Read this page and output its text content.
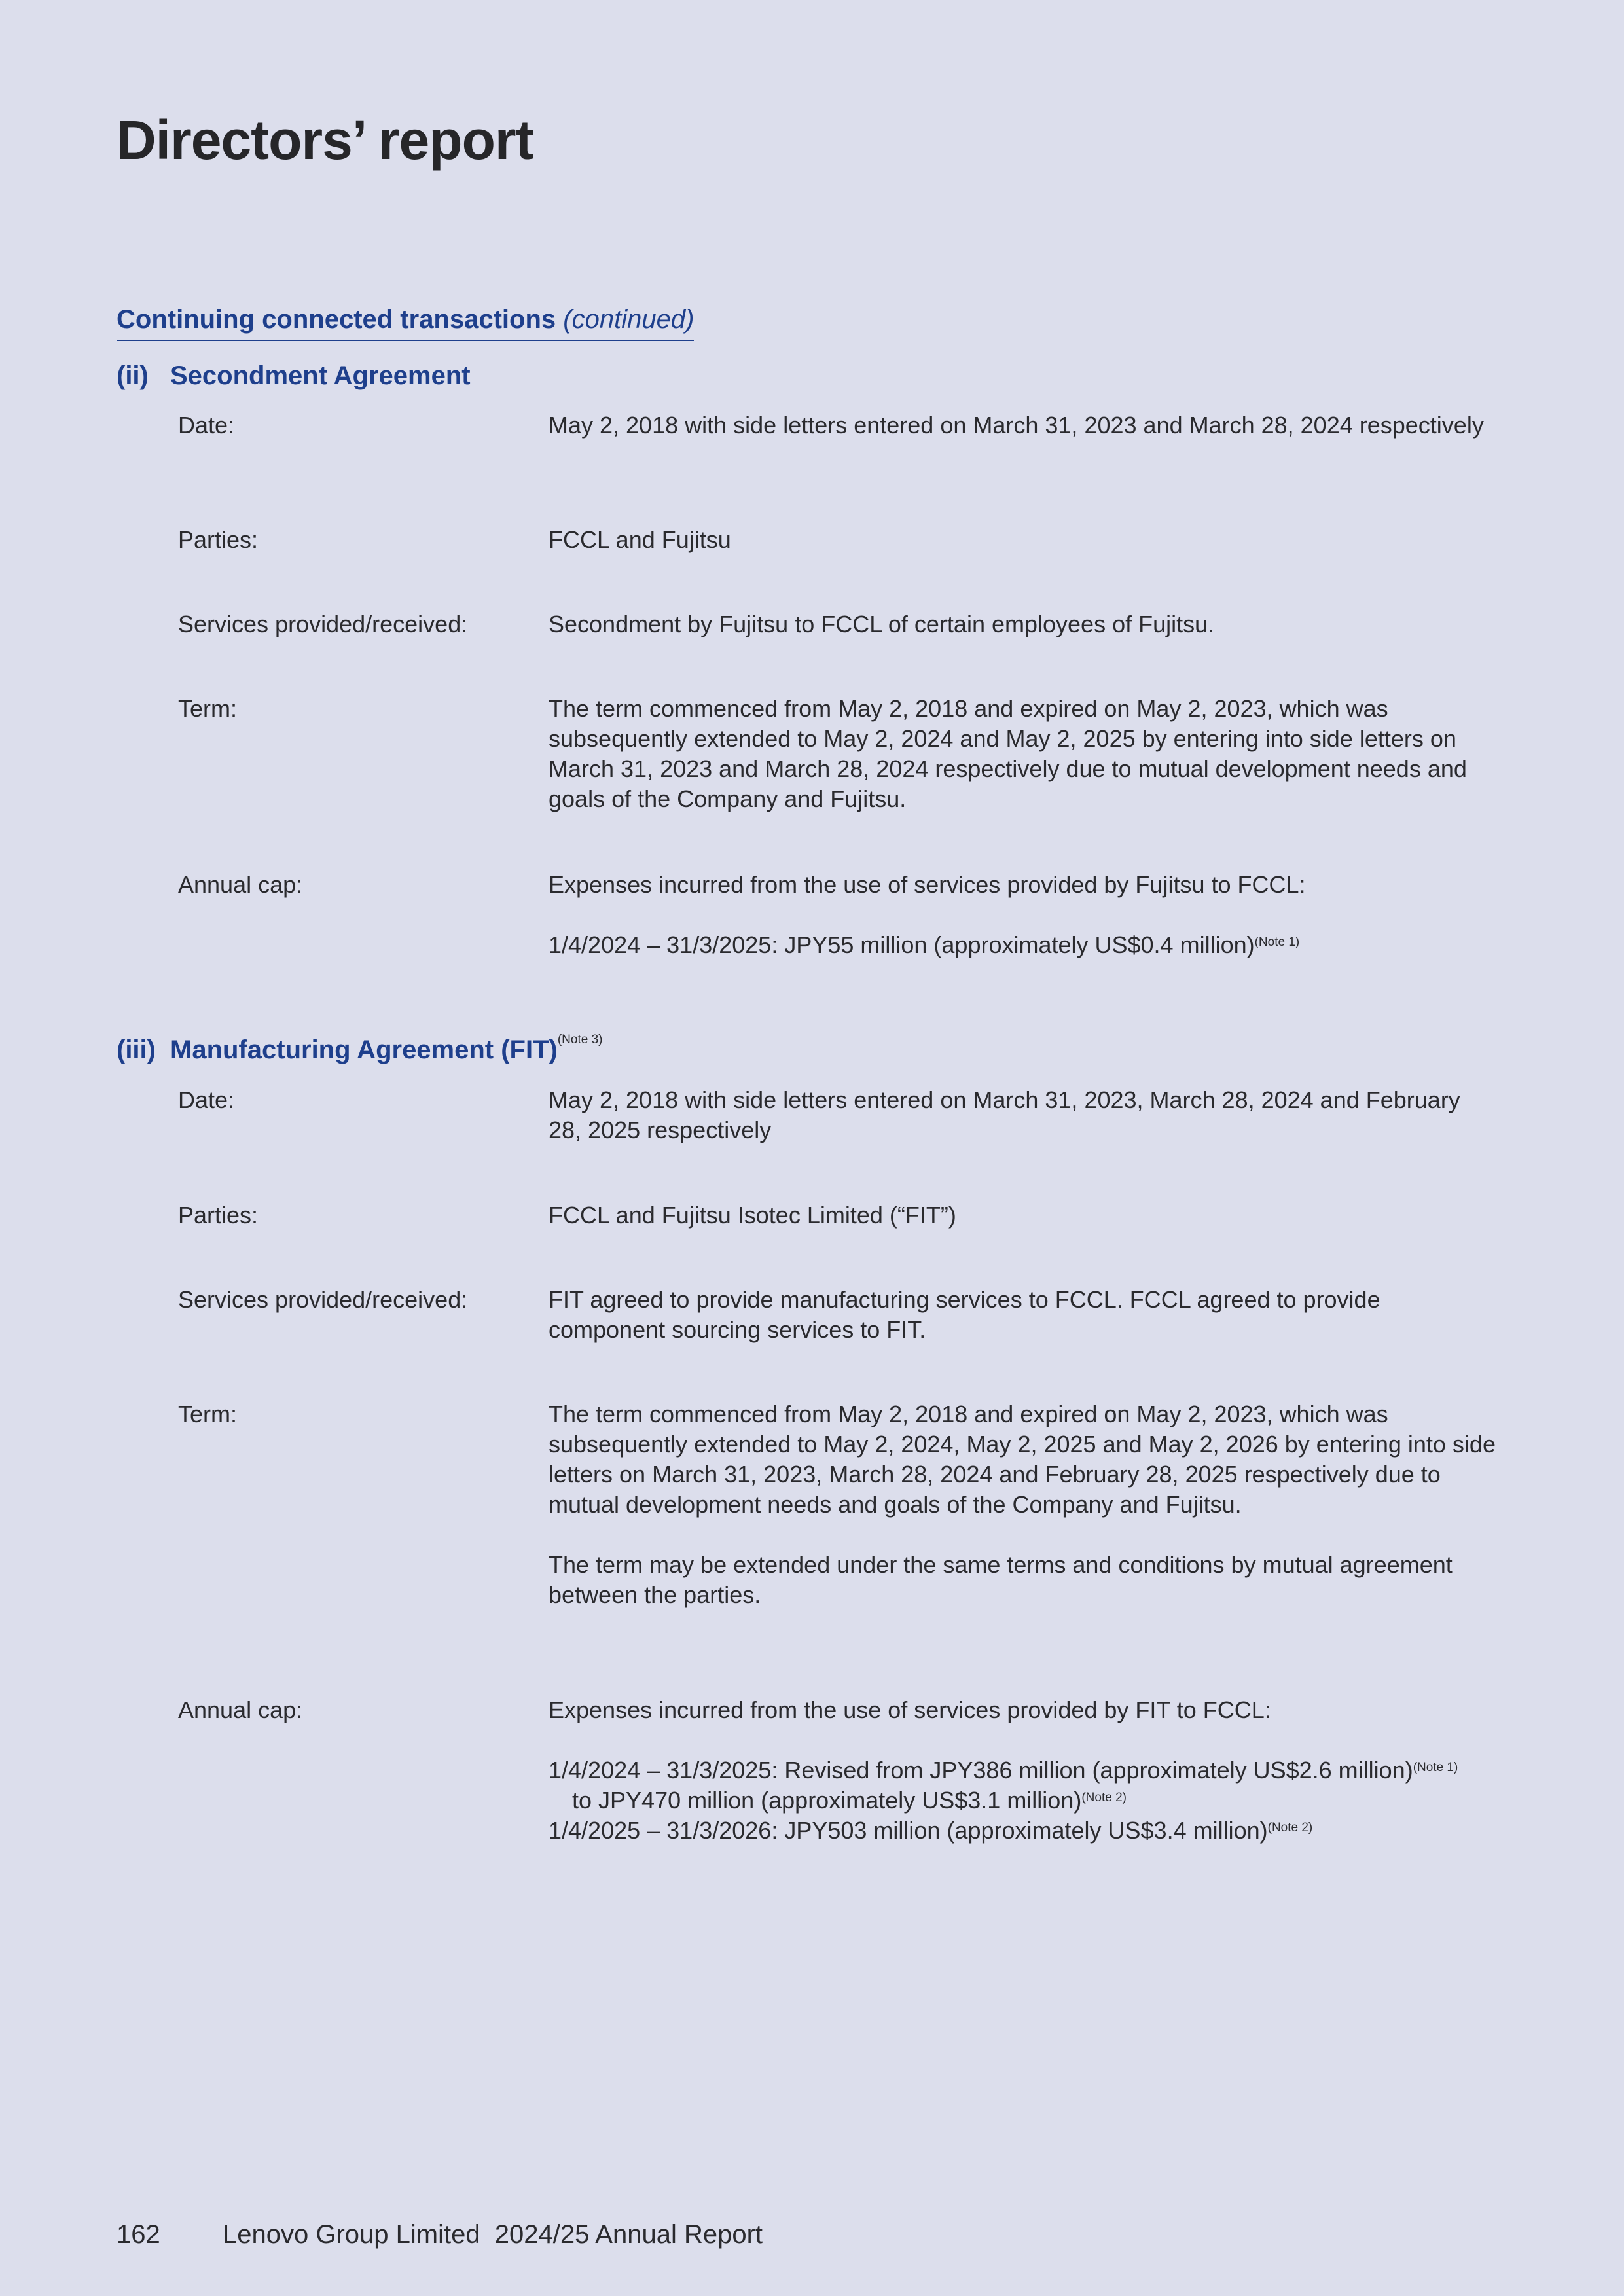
Directors’ report
Continuing connected transactions (continued)
(ii) Secondment Agreement
Date:	May 2, 2018 with side letters entered on March 31, 2023 and March 28, 2024 respectively
Parties:	FCCL and Fujitsu
Services provided/received:	Secondment by Fujitsu to FCCL of certain employees of Fujitsu.
Term:	The term commenced from May 2, 2018 and expired on May 2, 2023, which was subsequently extended to May 2, 2024 and May 2, 2025 by entering into side letters on March 31, 2023 and March 28, 2024 respectively due to mutual development needs and goals of the Company and Fujitsu.
Annual cap:	Expenses incurred from the use of services provided by Fujitsu to FCCL:

1/4/2024 – 31/3/2025: JPY55 million (approximately US$0.4 million)$^{(Note 1)}$

(iii) Manufacturing Agreement (FIT)$^{(Note 3)}$
Date:	May 2, 2018 with side letters entered on March 31, 2023, March 28, 2024 and February 28, 2025 respectively
Parties:	FCCL and Fujitsu Isotec Limited (“FIT”)
Services provided/received:	FIT agreed to provide manufacturing services to FCCL. FCCL agreed to provide component sourcing services to FIT.
Term:	The term commenced from May 2, 2018 and expired on May 2, 2023, which was subsequently extended to May 2, 2024, May 2, 2025 and May 2, 2026 by entering into side letters on March 31, 2023, March 28, 2024 and February 28, 2025 respectively due to mutual development needs and goals of the Company and Fujitsu.

The term may be extended under the same terms and conditions by mutual agreement between the parties.

Annual cap:	Expenses incurred from the use of services provided by FIT to FCCL:

1/4/2024 – 31/3/2025: Revised from JPY386 million (approximately US$2.6 million)$^{(Note 1)}$
to JPY470 million (approximately US$3.1 million)$^{(Note 2)}$
1/4/2025 – 31/3/2026: JPY503 million (approximately US$3.4 million)$^{(Note 2)}$

162 Lenovo Group Limited  2024/25 Annual Report
